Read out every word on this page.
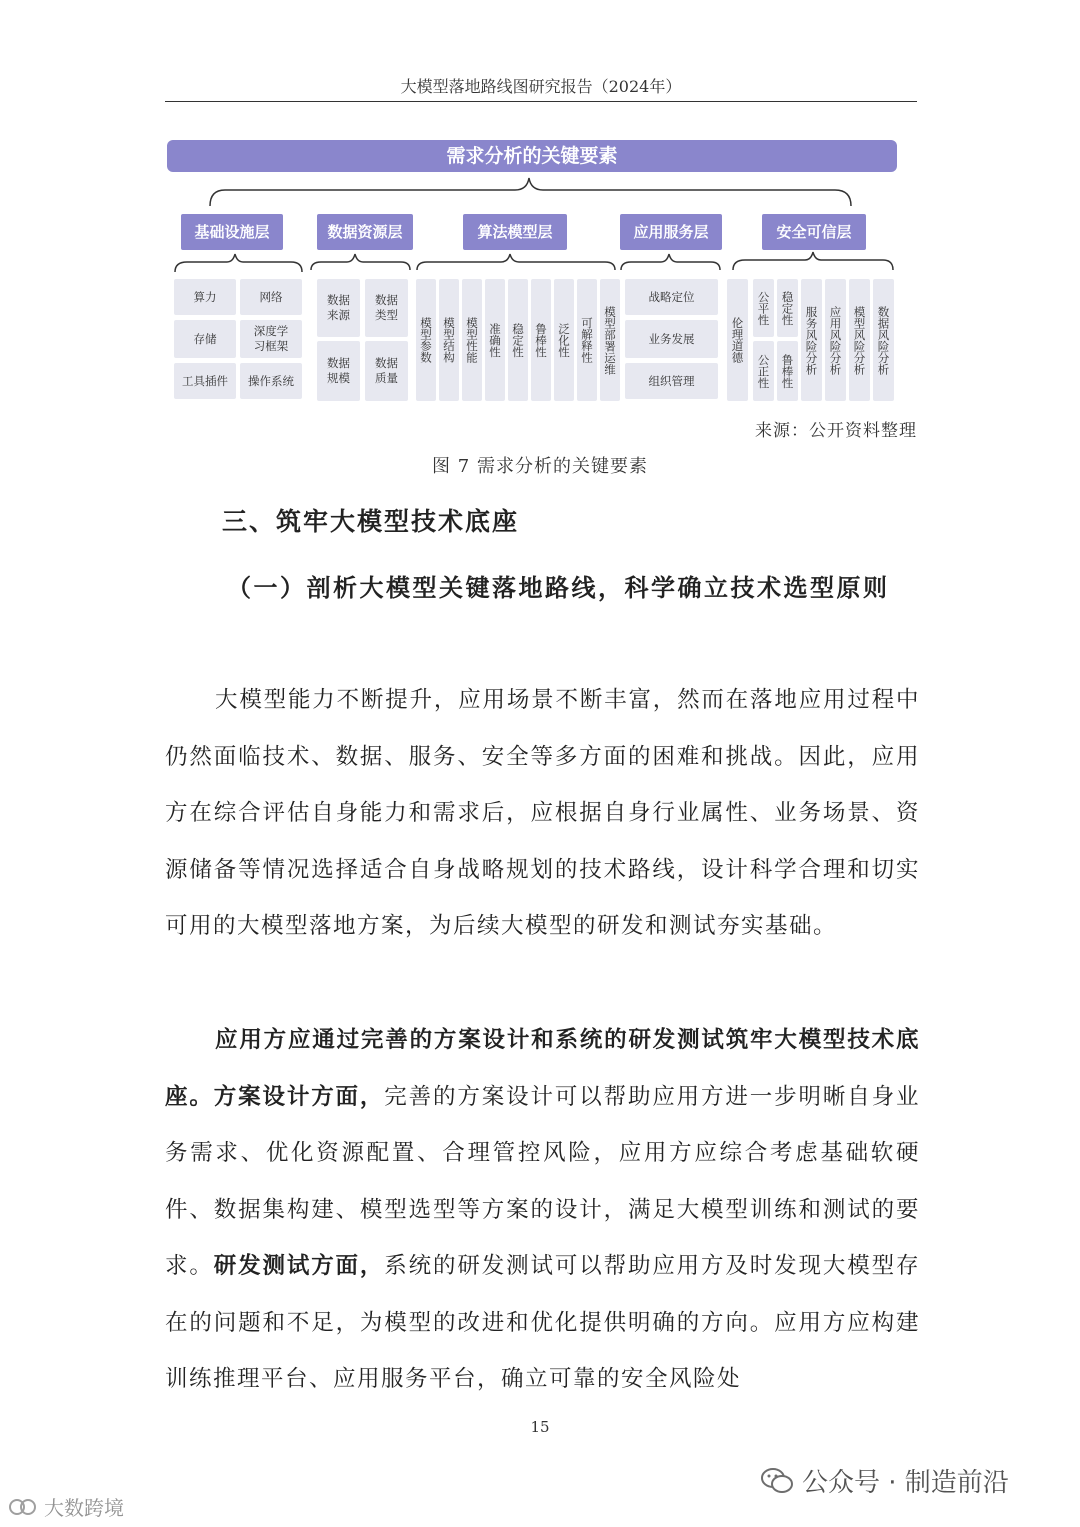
大模型落地路线图研究报告（2024年）
需求分析的关键要素
基础设施层	数据资源层	算法模型层	应用服务层	安全可信层
算力	网络
存储
深度学习框架
工具插件	操作系统
数据来源
数据类型
数据规模
数据质量
模型参数 模型结构 模型性能 准确性 稳定性 鲁棒性 泛化性 可解释性 模型部署运维
战略定位
业务发展
组织管理
伦理道德
公平性
公正性
稳定性
鲁棒性 服务风险分析 应用风险分析 模型风险分析 数据风险分析
来源：公开资料整理
图 7 需求分析的关键要素
三、筑牢大模型技术底座
（一）剖析大模型关键落地路线，科学确立技术选型原则
大模型能力不断提升，应用场景不断丰富，然而在落地应用过程中仍然面临技术、数据、服务、安全等多方面的困难和挑战。因此，应用方在综合评估自身能力和需求后，应根据自身行业属性、业务场景、资源储备等情况选择适合自身战略规划的技术路线，设计科学合理和切实可用的大模型落地方案，为后续大模型的研发和测试夯实基础。
应用方应通过完善的方案设计和系统的研发测试筑牢大模型技术底座。方案设计方面，完善的方案设计可以帮助应用方进一步明晰自身业务需求、优化资源配置、合理管控风险，应用方应综合考虑基础软硬件、数据集构建、模型选型等方案的设计，满足大模型训练和测试的要求。研发测试方面，系统的研发测试可以帮助应用方及时发现大模型存在的问题和不足，为模型的改进和优化提供明确的方向。应用方应构建训练推理平台、应用服务平台，确立可靠的安全风险处
15
公众号 · 制造前沿
大数跨境
